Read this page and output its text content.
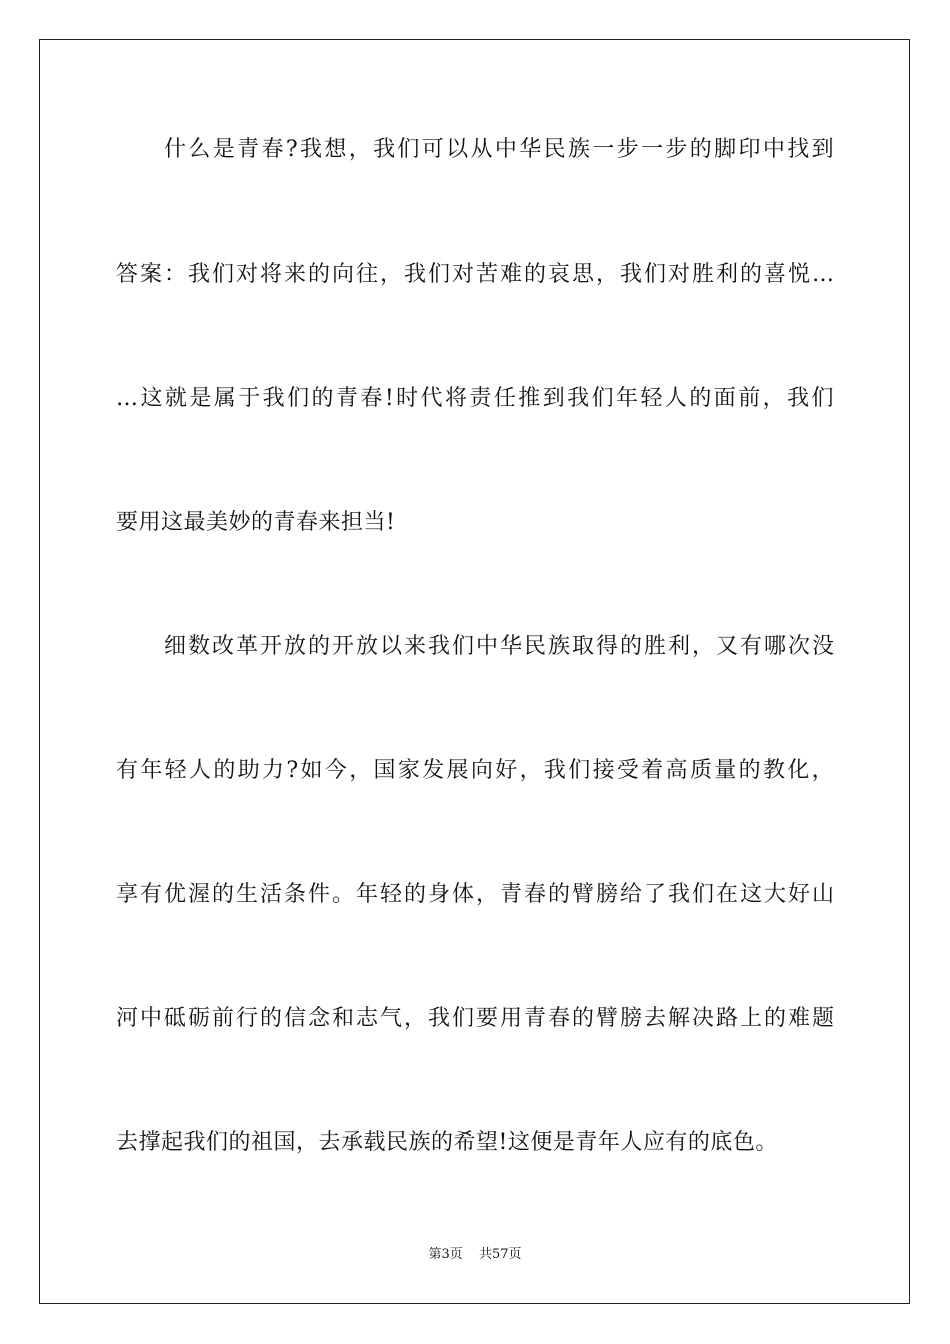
什么是青春?我想，我们可以从中华民族一步一步的脚印中找到
答案：我们对将来的向往，我们对苦难的哀思，我们对胜利的喜悦…
…这就是属于我们的青春!时代将责任推到我们年轻人的面前，我们
要用这最美妙的青春来担当!
细数改革开放的开放以来我们中华民族取得的胜利，又有哪次没
有年轻人的助力?如今，国家发展向好，我们接受着高质量的教化，
享有优渥的生活条件。年轻的身体，青春的臂膀给了我们在这大好山
河中砥砺前行的信念和志气，我们要用青春的臂膀去解决路上的难题
去撑起我们的祖国，去承载民族的希望!这便是青年人应有的底色。
第3页 共57页
